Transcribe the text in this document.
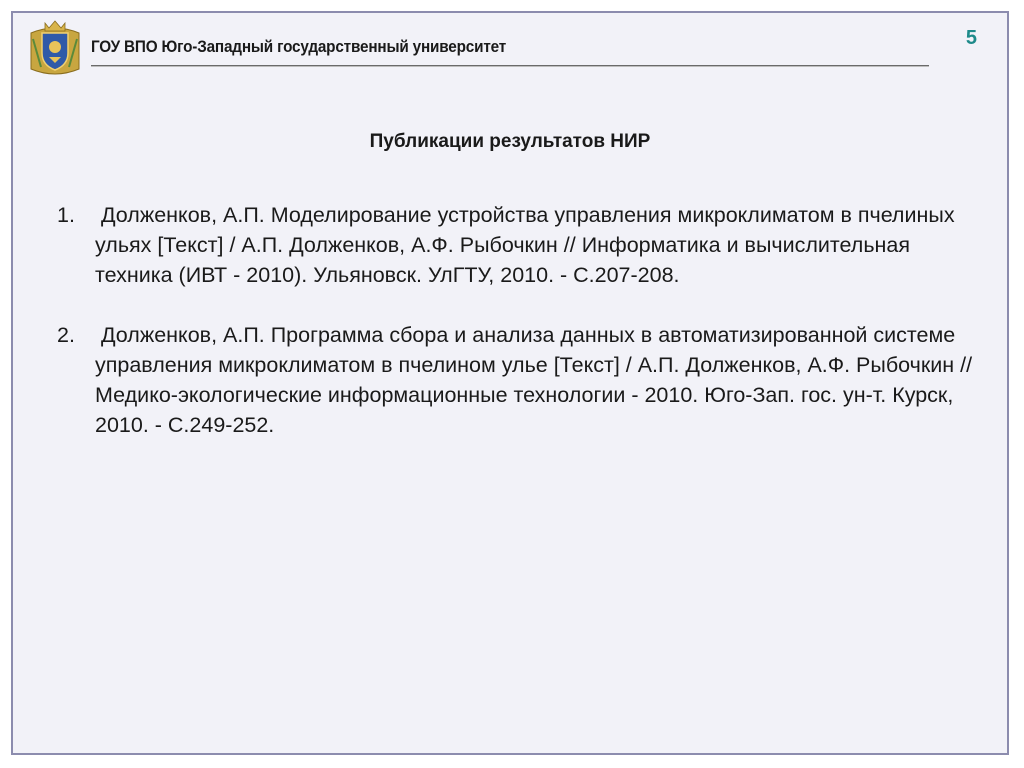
ГОУ ВПО Юго-Западный государственный университет	5
Публикации результатов НИР
1. Долженков, А.П. Моделирование устройства управления микроклиматом в пчелиных ульях [Текст] / А.П. Долженков, А.Ф. Рыбочкин // Информатика и вычислительная техника (ИВТ - 2010). Ульяновск. УлГТУ, 2010. - С.207-208.
2. Долженков, А.П. Программа сбора и анализа данных в автоматизированной системе управления микроклиматом в пчелином улье [Текст] / А.П. Долженков, А.Ф. Рыбочкин // Медико-экологические информационные технологии - 2010. Юго-Зап. гос. ун-т. Курск, 2010. - С.249-252.
